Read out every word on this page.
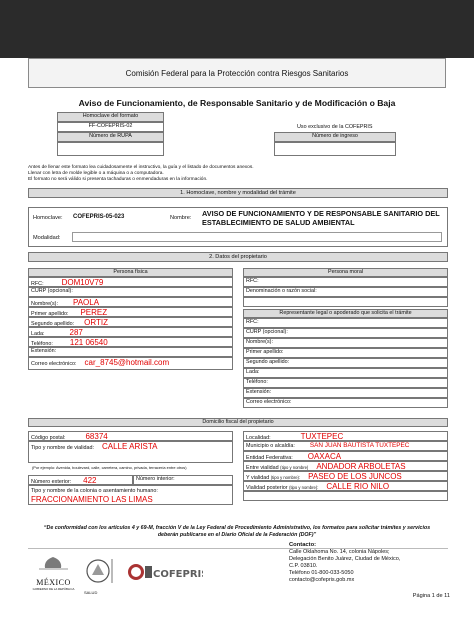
Comisión Federal para la Protección contra Riesgos Sanitarios
Aviso de Funcionamiento, de Responsable Sanitario y de Modificación o Baja
Homoclave del formato
FF-COFEPRIS-02
Número de RUPA
Uso exclusivo de la COFEPRIS
Número de ingreso
Antes de llenar este formato lea cuidadosamente el instructivo, la guía y el listado de documentos anexos.
Llenar con letra de molde legible o a máquina o a computadora.
El formato no será válido si presenta tachaduras o enmendaduras en la información.
1. Homoclave, nombre y modalidad del trámite
Homoclave: COFEPRIS-05-023	Nombre: AVISO DE FUNCIONAMIENTO Y DE RESPONSABLE SANITARIO DEL ESTABLECIMIENTO DE SALUD AMBIENTAL
Modalidad:
2. Datos del propietario
Persona física
RFC: DOM10V79
CURP (opcional):
Nombre(s): PAOLA
Primer apellido: PEREZ
Segundo apellido: ORTIZ
Lada:	287
Teléfono: 121 06540
Extensión:
Correo electrónico: car_8745@hotmail.com
Persona moral
RFC:
Denominación o razón social:
Representante legal o apoderado que solicita el trámite
RFC:
CURP (opcional):
Nombre(s):
Primer apellido:
Segundo apellido:
Lada:
Teléfono:
Extensión:
Correo electrónico:
Domicilio fiscal del propietario
Código postal:	68374
Tipo y nombre de vialidad: CALLE ARISTA
(Por ejemplo: Avenida, boulevard, calle, carretera, camino, privada, terracería entre otros)
Número exterior: 422	Número interior:
Tipo y nombre de la colonia o asentamiento humano:
FRACCIONAMIENTO LAS LIMAS
Localidad:	TUXTEPEC
Municipio o alcaldía: SAN JUAN BAUTISTA TUXTEPEC
Entidad Federativa: OAXACA
Entre vialidad (tipo y nombre) ANDADOR ARBOLETAS
Y vialidad (tipo y nombre): PASEO DE LOS JUNCOS
Vialidad posterior (tipo y nombre): CALLE RIO NILO
“De conformidad con los artículos 4 y 69-M, fracción V de la Ley Federal de Procedimiento Administrativo, los formatos para solicitar trámites y servicios deberán publicarse en el Diario Oficial de la Federación (DOF)”
MÉXICO
GOBIERNO DE LA REPÚBLICA
SALUD
COFEPRIS
Contacto:
Calle Oklahoma No. 14, colonia Nápoles;
Delegación Benito Juárez, Ciudad de México,
C.P. 03810.
Teléfono 01-800-033-5050
contacto@cofepris.gob.mx
Página 1 de 11
